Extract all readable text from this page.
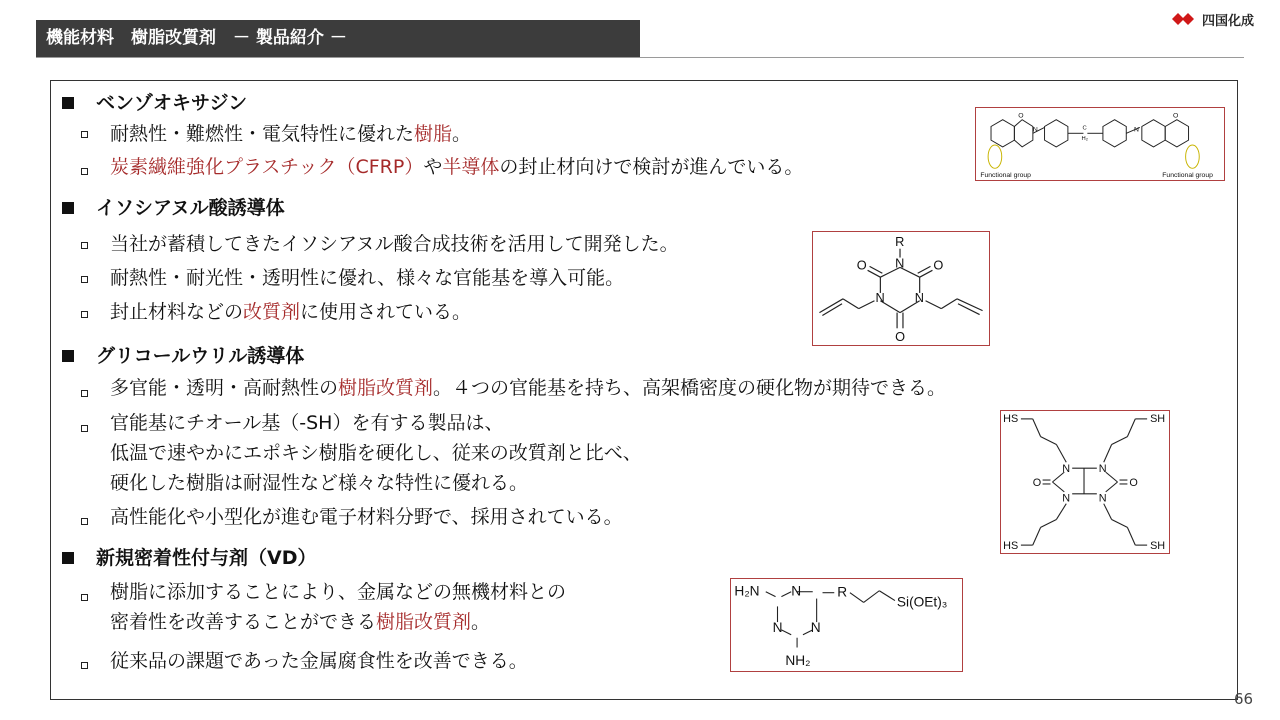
機能材料　樹脂改質剤　－ 製品紹介 －
四国化成
66
ベンゾオキサジン
耐熱性・難燃性・電気特性に優れた樹脂。
炭素繊維強化プラスチック（CFRP）や半導体の封止材向けで検討が進んでいる。
イソシアヌル酸誘導体
当社が蓄積してきたイソシアヌル酸合成技術を活用して開発した。
耐熱性・耐光性・透明性に優れ、様々な官能基を導入可能。
封止材料などの改質剤に使用されている。
グリコールウリル誘導体
多官能・透明・高耐熱性の樹脂改質剤。４つの官能基を持ち、高架橋密度の硬化物が期待できる。
官能基にチオール基（-SH）を有する製品は、
低温で速やかにエポキシ樹脂を硬化し、従来の改質剤と比べ、
硬化した樹脂は耐湿性など様々な特性に優れる。
高性能化や小型化が進む電子材料分野で、採用されている。
新規密着性付与剤（VD）
樹脂に添加することにより、金属などの無機材料との
密着性を改善することができる樹脂改質剤。
従来品の課題であった金属腐食性を改善できる。
O
N	C
H₂
N
O
Functional group	Functional group
R
N
O	O
N N
O
HS	SH
HS	SH
N	N
N	N
O	O
H₂N N
N N
R
Si(OEt)₃
NH₂
